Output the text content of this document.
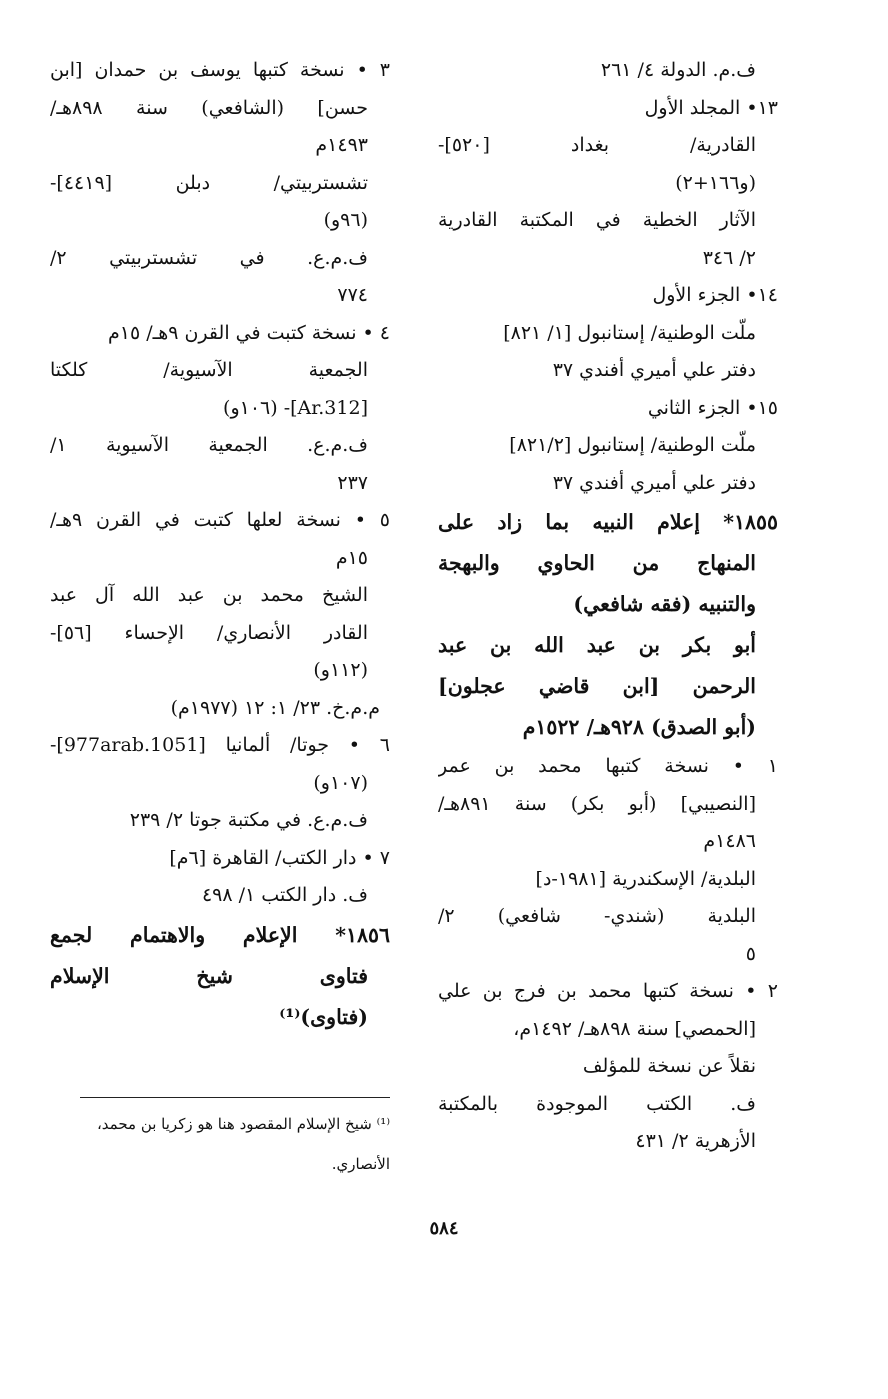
ف.م. الدولة ٤/ ٢٦١
١٣• المجلد الأول
القادرية/ بغداد [٥٢٠]-
(و١٦٦+٢)
الآثار الخطية في المكتبة القادرية
٢/ ٣٤٦
١٤• الجزء الأول
ملّت الوطنية/ إستانبول [١/ ٨٢١]
دفتر علي أميري أفندي ٣٧
١٥• الجزء الثاني
ملّت الوطنية/ إستانبول [٨٢١/٢]
دفتر علي أميري أفندي ٣٧
١٨٥٥* إعلام النبيه بما زاد على
المنهاج من الحاوي والبهجة
والتنبيه (فقه شافعي)
أبو بكر بن عبد الله بن عبد
الرحمن [ابن قاضي عجلون]
(أبو الصدق) ٩٢٨هـ/ ١٥٢٢م
١ • نسخة كتبها محمد بن عمر
[النصيبي] (أبو بكر) سنة ٨٩١هـ/
١٤٨٦م
البلدية/ الإسكندرية [١٩٨١-د]
البلدية (شندي- شافعي) ٢/
٥
٢ • نسخة كتبها محمد بن فرج بن علي
[الحمصي] سنة ٨٩٨هـ/ ١٤٩٢م،
نقلاً عن نسخة للمؤلف
ف. الكتب الموجودة بالمكتبة
الأزهرية ٢/ ٤٣١
٣ • نسخة كتبها يوسف بن حمدان [ابن
حسن] (الشافعي) سنة ٨٩٨هـ/
١٤٩٣م
تشستربيتي/ دبلن [٤٤١٩]-
(٩٦و)
ف.م.ع. في تشستربيتي ٢/
٧٧٤
٤ • نسخة كتبت في القرن ٩هـ/ ١٥م
الجمعية الآسيوية/ كلكتا
[Ar.312]- (١٠٦و)
ف.م.ع. الجمعية الآسيوية ١/
٢٣٧
٥ • نسخة لعلها كتبت في القرن ٩هـ/
١٥م
الشيخ محمد بن عبد الله آل عبد
القادر الأنصاري/ الإحساء [٥٦]-
(١١٢و)
م.م.خ. ٢٣/ ١: ١٢ (١٩٧٧م)
٦ • جوتا/ ألمانيا [977arab.1051]-
(١٠٧و)
ف.م.ع. في مكتبة جوتا ٢/ ٢٣٩
٧ • دار الكتب/ القاهرة [٦م]
ف. دار الكتب ١/ ٤٩٨
١٨٥٦* الإعلام والاهتمام لجمع
فتاوى شيخ الإسلام
(فتاوى)⁽¹⁾
⁽¹⁾ شيخ الإسلام المقصود هنا هو زكريا بن محمد،
الأنصاري.
٥٨٤
